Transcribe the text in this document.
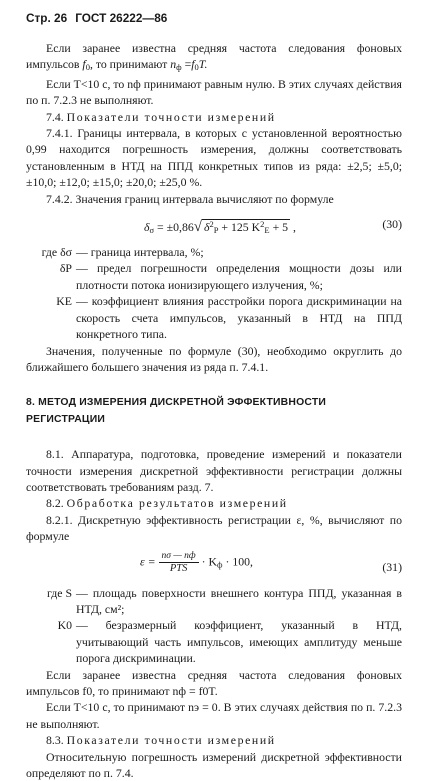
Стр. 26 ГОСТ 26222—86

Если заранее известна средняя частота следования фоновых импульсов $f_0$, то принимают $n_ф =f_0T$.

Если T<10 с, то nф принимают равным нулю. В этих случаях действия по п. 7.2.3 не выполняют.

7.4. Показатели точности измерений

7.4.1. Границы интервала, в которых с установленной вероятностью 0,99 находится погрешность измерения, должны соответствовать установленным в НТД на ППД конкретных типов из ряда: ±2,5; ±5,0; ±10,0; ±12,0; ±15,0; ±20,0; ±25,0 %.

7.4.2. Значения границ интервала вычисляют по формуле

$\delta_\sigma = \pm 0,86√$ $\delta^2_P + 125$ $K^2_E + 5$ ,	(30)
где δσ — граница интервала, %;
δP — предел погрешности определения мощности дозы или плотности потока ионизирующего излучения, %;
KE — коэффициент влияния расстройки порога дискриминации на скорость счета импульсов, указанный в НТД на ППД конкретного типа.

Значения, полученные по формуле (30), необходимо округлить до ближайшего большего значения из ряда п. 7.4.1.

8. МЕТОД ИЗМЕРЕНИЯ ДИСКРЕТНОЙ ЭФФЕКТИВНОСТИ РЕГИСТРАЦИИ

8.1. Аппаратура, подготовка, проведение измерений и показатели точности измерения дискретной эффективности регистрации должны соответствовать требованиям разд. 7.

8.2. Обработка результатов измерений

8.2.1. Дискретную эффективность регистрации ε, %, вычисляют по формуле

$\varepsilon = \frac{n\sigma — nф}{\text{PTS}} \cdot K_ф \cdot 100$,	(31)
где S — площадь поверхности внешнего контура ППД, указанная в НТД, см²;
K0 — безразмерный коэффициент, указанный в НТД, учитывающий часть импульсов, имеющих амплитуду меньше порога дискриминации.

Если заранее известна средняя частота следования фоновых импульсов f0, то принимают nф = f0T.

Если T<10 с, то принимают nэ = 0. В этих случаях действия по п. 7.2.3 не выполняют.

8.3. Показатели точности измерений

Относительную погрешность измерений дискретной эффективности определяют по п. 7.4.
